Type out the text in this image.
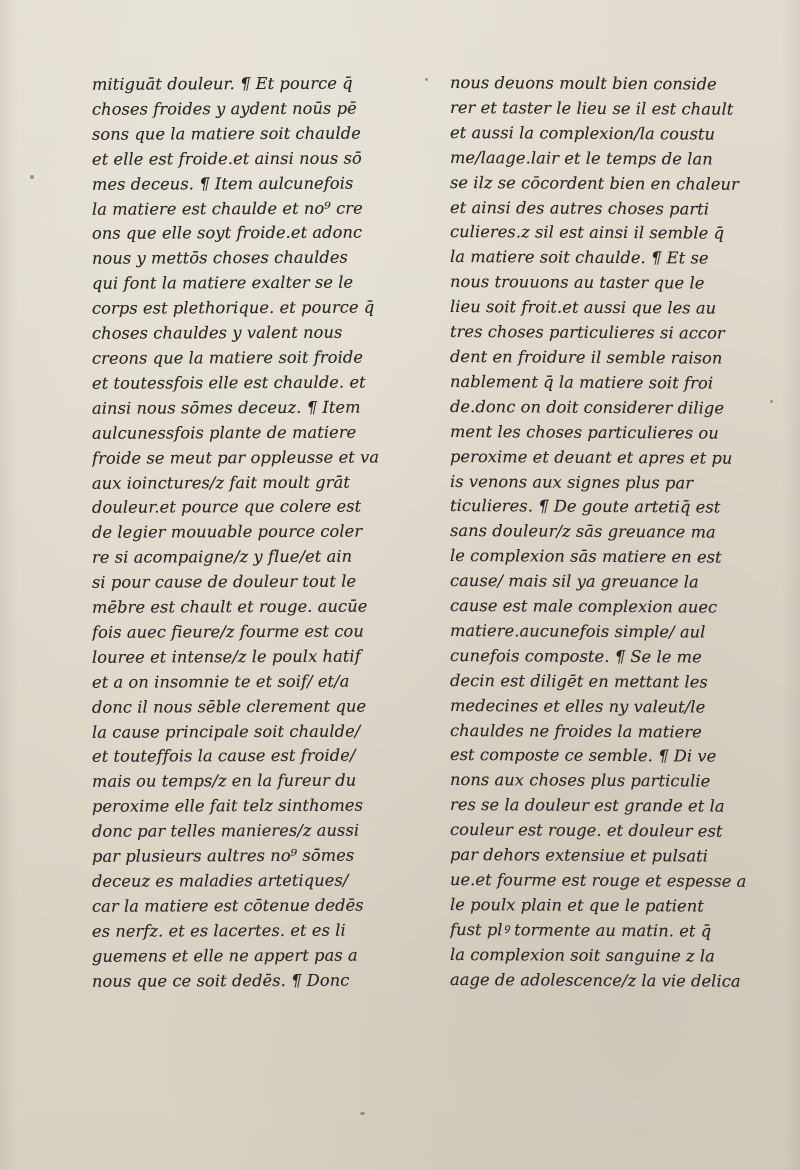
mitiguāt douleur. ¶ Et pource q̄
choses froides y aydent noūs pē
sons que la matiere soit chaulde
et elle est froide.et ainsi nous sō
mes deceus. ¶ Item aulcunefois
la matiere est chaulde et no⁹ cre
ons que elle soyt froide.et adonc
nous y mettōs choses chauldes
qui font la matiere exalter se le
corps est plethorique. et pource q̄
choses chauldes y valent nous
creons que la matiere soit froide
et toutessfois elle est chaulde. et
ainsi nous sōmes deceuz. ¶ Item
aulcunessfois plante de matiere
froide se meut par oppleusse et va
aux ioinctures/z fait moult grāt
douleur.et pource que colere est
de legier mouuable pource coler
re si acompaigne/z y flue/et ain
si pour cause de douleur tout le
mēbre est chault et rouge. aucūe
fois auec fieure/z fourme est cou
louree et intense/z le poulx hatif
et a on insomnie te et soif/ et/a
donc il nous sēble clerement que
la cause principale soit chaulde/
et touteffois la cause est froide/
mais ou temps/z en la fureur du
peroxime elle fait telz sinthomes
donc par telles manieres/z aussi
par plusieurs aultres no⁹ sōmes
deceuz es maladies artetiques/
car la matiere est cōtenue dedēs
es nerfz. et es lacertes. et es li
guemens et elle ne appert pas a
nous que ce soit dedēs. ¶ Donc
nous deuons moult bien conside
rer et taster le lieu se il est chault
et aussi la complexion/la coustu
me/laage.lair et le temps de lan
se ilz se cōcordent bien en chaleur
et ainsi des autres choses parti
culieres.z sil est ainsi il semble q̄
la matiere soit chaulde. ¶ Et se
nous trouuons au taster que le
lieu soit froit.et aussi que les au
tres choses particulieres si accor
dent en froidure il semble raison
nablement q̄ la matiere soit froi
de.donc on doit considerer dilige
ment les choses particulieres ou
peroxime et deuant et apres et pu
is venons aux signes plus par
ticulieres. ¶ De goute artetiq̄ est
sans douleur/z sās greuance ma
le complexion sās matiere en est
cause/ mais sil ya greuance la
cause est male complexion auec
matiere.aucunefois simple/ aul
cunefois composte. ¶ Se le me
decin est diligēt en mettant les
medecines et elles ny valeut/le
chauldes ne froides la matiere
est composte ce semble. ¶ Di ve
nons aux choses plus particulie
res se la douleur est grande et la
couleur est rouge. et douleur est
par dehors extensiue et pulsati
ue.et fourme est rouge et espesse a
le poulx plain et que le patient
fust plꝰ tormente au matin. et q̄
la complexion soit sanguine z la
aage de adolescence/z la vie delica
